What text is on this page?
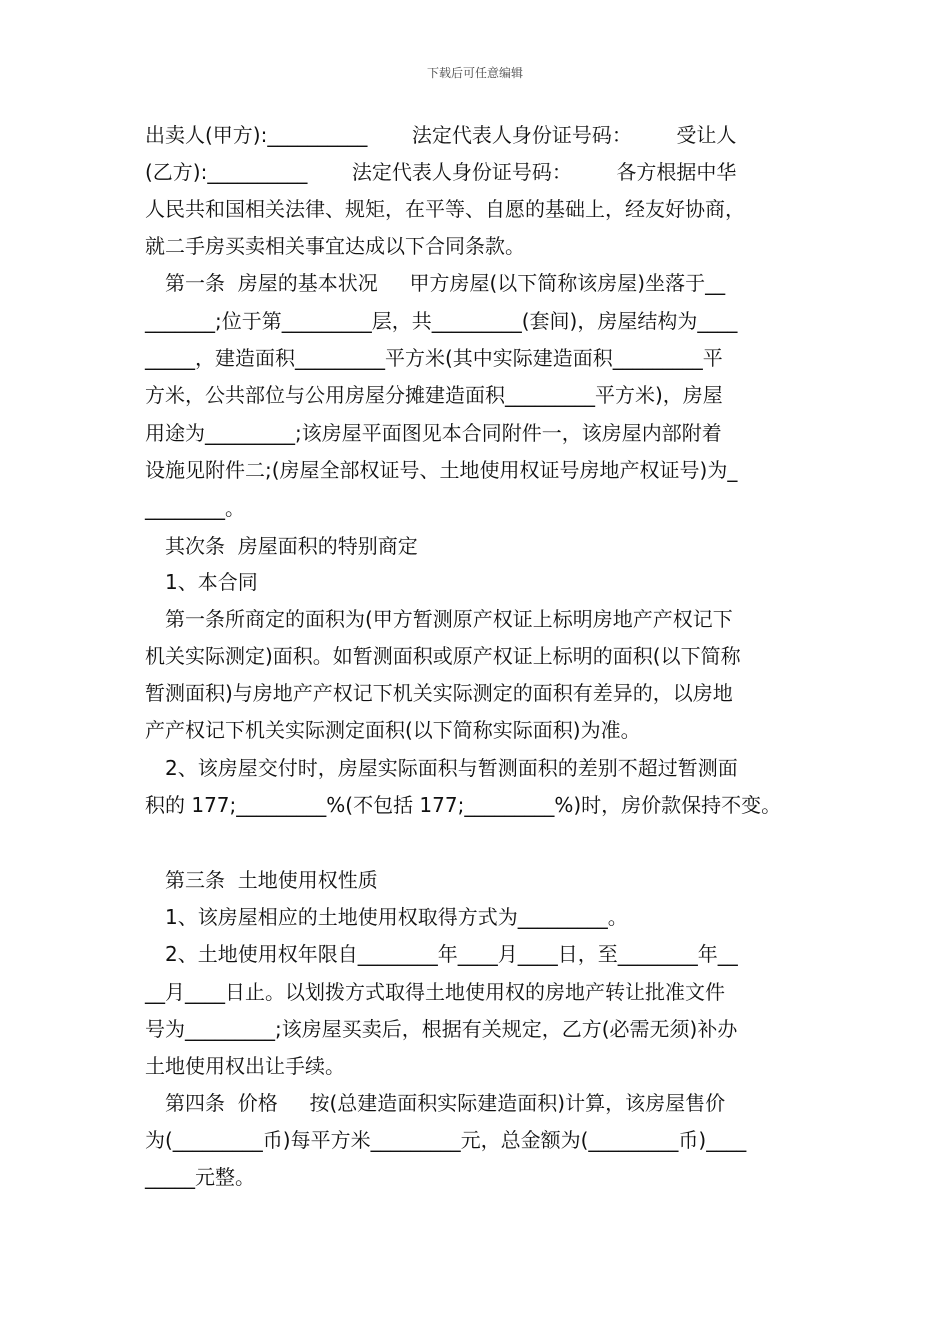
下载后可任意编辑
出卖人(甲方):__________       法定代表人身份证号码：       受让人
(乙方):__________       法定代表人身份证号码：       各方根据中华
人民共和国相关法律、规矩，在平等、自愿的基础上，经友好协商，
就二手房买卖相关事宜达成以下合同条款。
第一条  房屋的基本状况     甲方房屋(以下简称该房屋)坐落于__
_______;位于第_________层，共_________(套间)，房屋结构为____
_____，建造面积_________平方米(其中实际建造面积_________平
方米，公共部位与公用房屋分摊建造面积_________平方米)，房屋
用途为_________;该房屋平面图见本合同附件一，该房屋内部附着
设施见附件二;(房屋全部权证号、土地使用权证号房地产权证号)为_
________。
其次条  房屋面积的特别商定
1、本合同
第一条所商定的面积为(甲方暂测原产权证上标明房地产产权记下
机关实际测定)面积。如暂测面积或原产权证上标明的面积(以下简称
暂测面积)与房地产产权记下机关实际测定的面积有差异的，以房地
产产权记下机关实际测定面积(以下简称实际面积)为准。
2、该房屋交付时，房屋实际面积与暂测面积的差别不超过暂测面
积的 177;_________%(不包括 177;_________%)时，房价款保持不变。
第三条  土地使用权性质
1、该房屋相应的土地使用权取得方式为_________。
2、土地使用权年限自________年____月____日，至________年__
__月____日止。以划拨方式取得土地使用权的房地产转让批准文件
号为_________;该房屋买卖后，根据有关规定，乙方(必需无须)补办
土地使用权出让手续。
第四条  价格     按(总建造面积实际建造面积)计算，该房屋售价
为(_________币)每平方米_________元，总金额为(_________币)____
_____元整。
